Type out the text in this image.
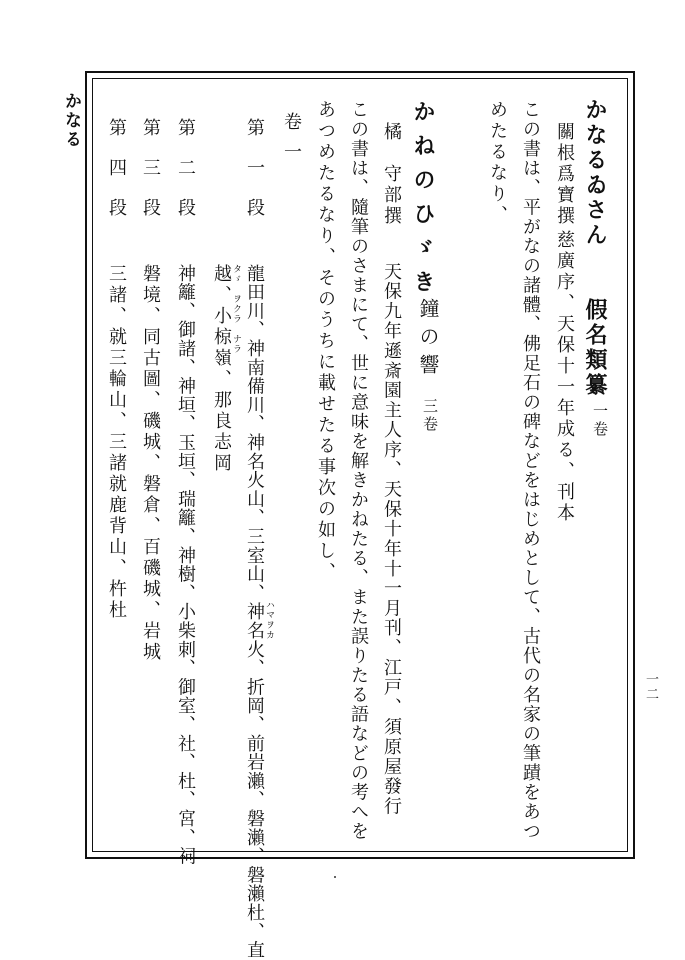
かなる
一二
かなるゐさん
假名類纂
一卷
關根爲寶撰
慈廣序、天保十一年成る、刊本
この書は、平がなの諸體、佛足石の碑などをはじめとして、古代の名家の筆蹟をあつ
めたるなり、
かねのひゞき
鐘の響
三卷
橘　守部撰
天保九年遜斎園主人序、天保十年十一月刊、江戸、須原屋發行
この書は、隨筆のさまにて、世に意味を解きかねたる、また誤りたる語などの考へを
あつめたるなり、そのうちに載せたる事次の如し、
卷一
第一段
龍田川、神南備川、神名火山、三室山、神名火、折岡、前岩瀨、磐瀨、磐瀨杜、直 ハマヲカ
越、小椋嶺、那良志岡 タゞ　ヲクラ　ナラ
第二段
神籬、御諸、神垣、玉垣、瑞籬、神樹、小柴刺、御室、社、杜、宮、祠
第三段
磐境、同古圖、磯城、磐倉、百磯城、岩城
第四段
三諸、就三輪山、三諸就鹿背山、杵杜
